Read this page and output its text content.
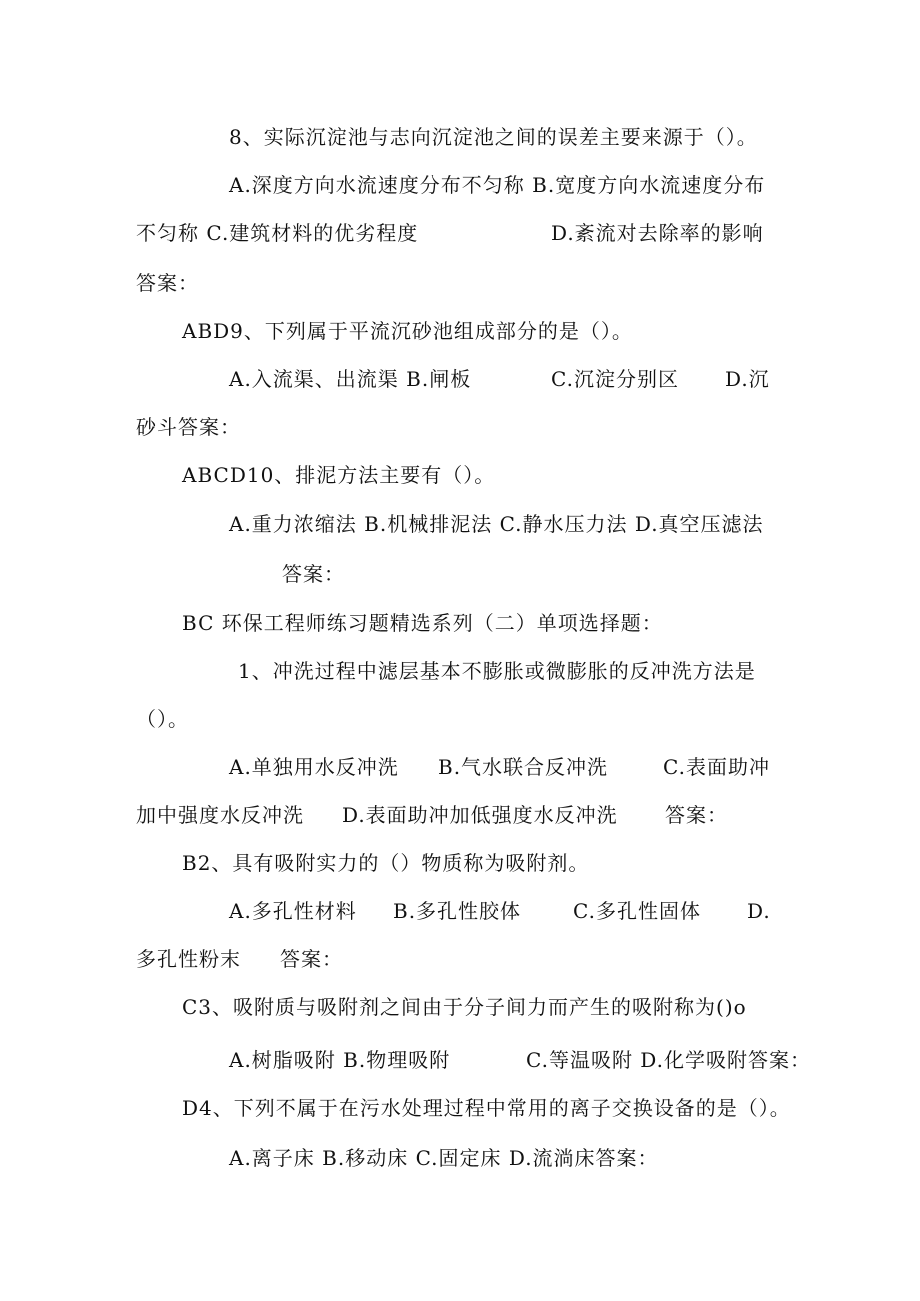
8、实际沉淀池与志向沉淀池之间的误差主要来源于（）。
A.深度方向水流速度分布不匀称 B.宽度方向水流速度分布
不匀称 C.建筑材料的优劣程度	D.紊流对去除率的影响
答案：
ABD9、下列属于平流沉砂池组成部分的是（）。
A.入流渠、出流渠 B.闸板	C.沉淀分别区 D.沉
砂斗答案：
ABCD10、排泥方法主要有（）。
A.重力浓缩法 B.机械排泥法 C.静水压力法 D.真空压滤法
答案：
BC 环保工程师练习题精选系列（二）单项选择题：
1、冲洗过程中滤层基本不膨胀或微膨胀的反冲洗方法是
（）。
A.单独用水反冲洗 B.气水联合反冲洗	C.表面助冲
加中强度水反冲洗 D.表面助冲加低强度水反冲洗 答案：
B2、具有吸附实力的（）物质称为吸附剂。
A.多孔性材料 B.多孔性胶体	C.多孔性固体 D.
多孔性粉末 答案：
C3、吸附质与吸附剂之间由于分子间力而产生的吸附称为()o
A.树脂吸附 B.物理吸附	C.等温吸附 D.化学吸附答案：
D4、下列不属于在污水处理过程中常用的离子交换设备的是（）。
A.离子床 B.移动床 C.固定床 D.流淌床答案：
